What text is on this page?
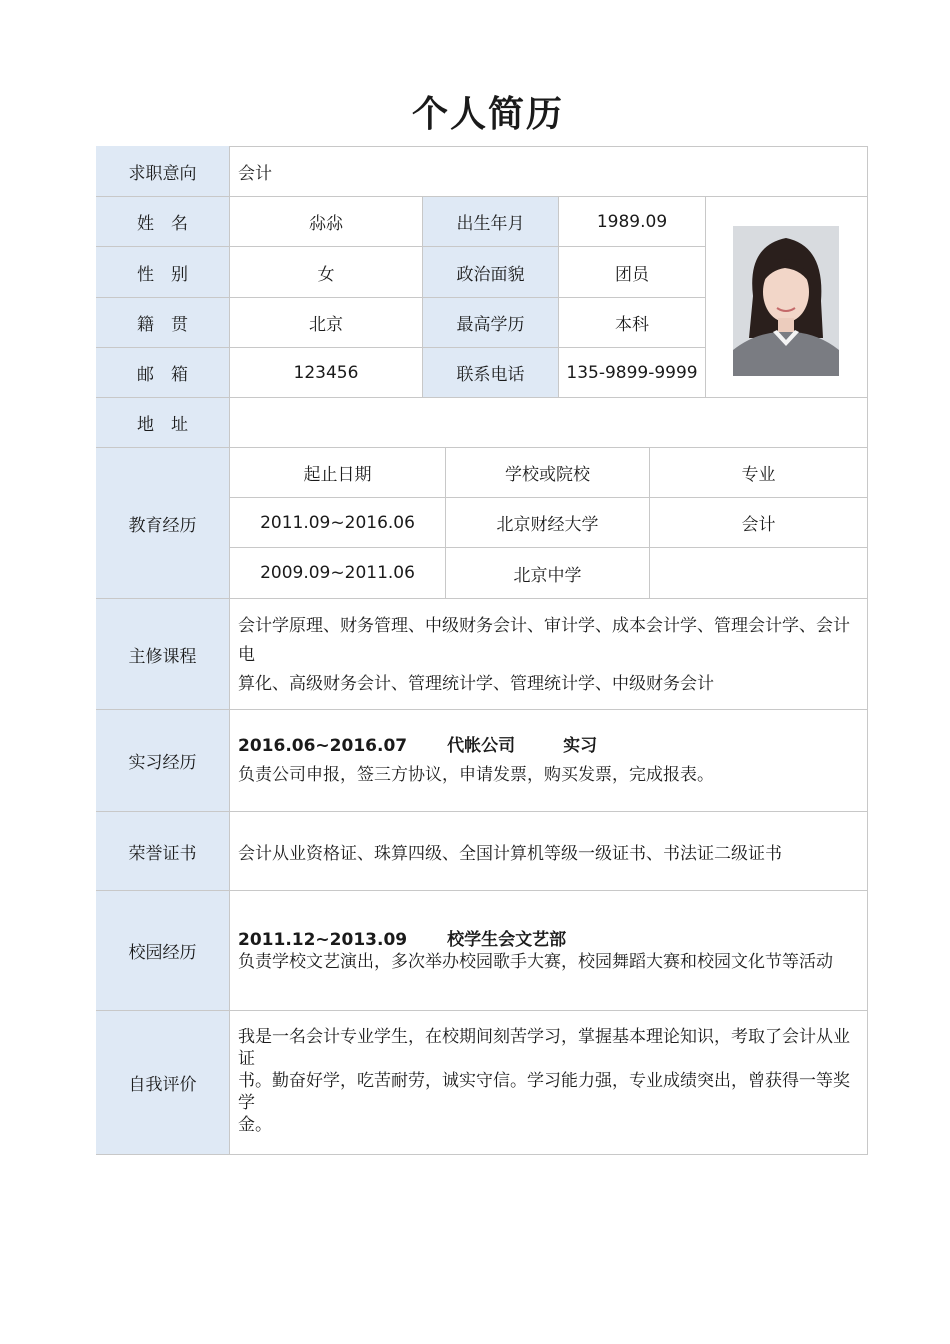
个人简历
求职意向	会计
姓　名	尛尛	出生年月	1989.09
性　别	女	政治面貌	团员
籍　贯	北京	最高学历	本科
邮　箱	123456	联系电话	135-9899-9999
地　址
教育经历
起止日期	学校或院校	专业
2011.09~2016.06	北京财经大学	会计
2009.09~2011.06	北京中学
主修课程
会计学原理、财务管理、中级财务会计、审计学、成本会计学、管理会计学、会计电
算化、高级财务会计、管理统计学、管理统计学、中级财务会计
实习经历
2016.06~2016.07 代帐公司	实习
负责公司申报，签三方协议，申请发票，购买发票，完成报表。
荣誉证书	会计从业资格证、珠算四级、全国计算机等级一级证书、书法证二级证书
校园经历
2011.12~2013.09 校学生会文艺部
负责学校文艺演出，多次举办校园歌手大赛，校园舞蹈大赛和校园文化节等活动
自我评价
我是一名会计专业学生，在校期间刻苦学习，掌握基本理论知识，考取了会计从业证
书。勤奋好学，吃苦耐劳，诚实守信。学习能力强，专业成绩突出，曾获得一等奖学
金。
